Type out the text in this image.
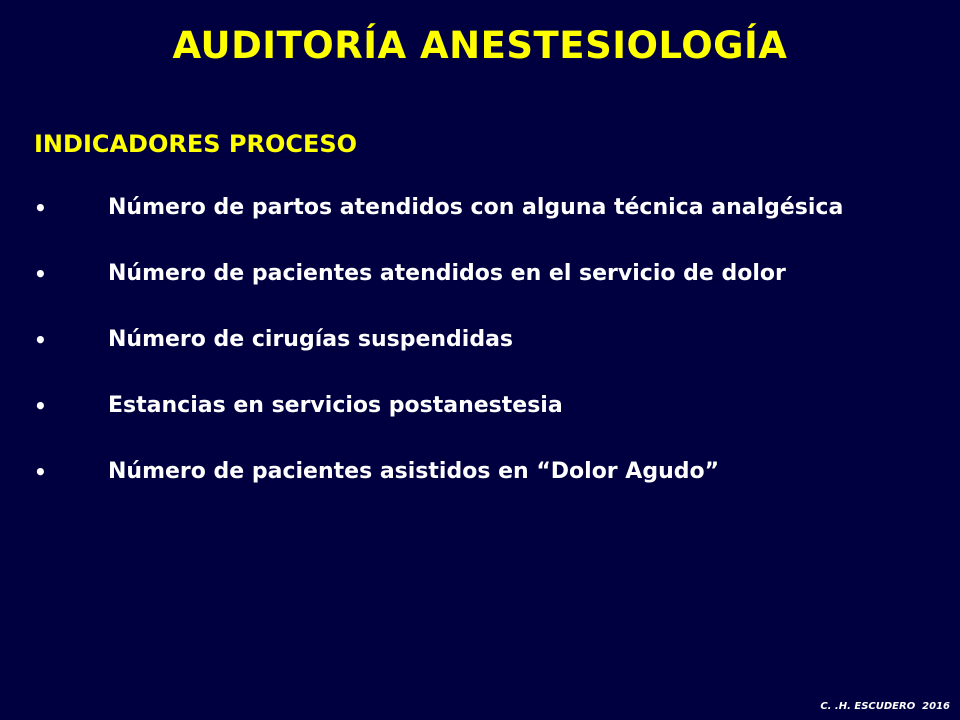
AUDITORÍA ANESTESIOLOGÍA
INDICADORES PROCESO
•	Número de partos atendidos con alguna técnica analgésica
•	Número de pacientes atendidos en el servicio de dolor
•	Número de cirugías suspendidas
•	Estancias en servicios postanestesia
•	Número de pacientes asistidos en “Dolor Agudo”
C. .H. ESCUDERO  2016
